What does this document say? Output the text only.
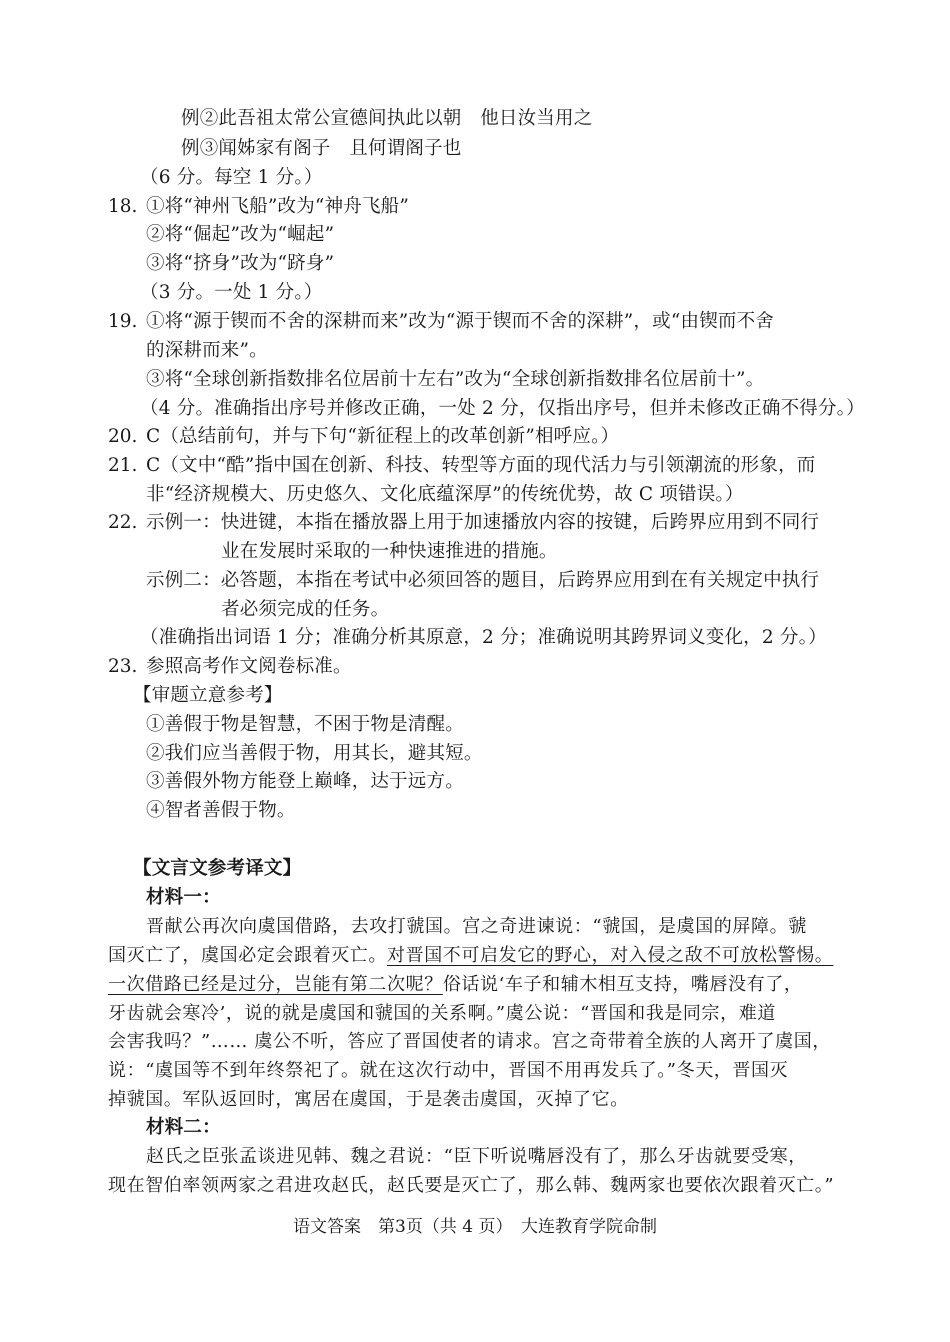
例②此吾祖太常公宣德间执此以朝　他日汝当用之
例③闻姊家有阁子　且何谓阁子也
（6 分。每空 1 分。）
18. ①将“神州飞船”改为“神舟飞船”
②将“倔起”改为“崛起”
③将“挤身”改为“跻身”
（3 分。一处 1 分。）
19. ①将“源于锲而不舍的深耕而来”改为“源于锲而不舍的深耕”，或“由锲而不舍
的深耕而来”。
③将“全球创新指数排名位居前十左右”改为“全球创新指数排名位居前十”。
（4 分。准确指出序号并修改正确，一处 2 分，仅指出序号，但并未修改正确不得分。）
20. C（总结前句，并与下句“新征程上的改革创新”相呼应。）
21. C（文中“酷”指中国在创新、科技、转型等方面的现代活力与引领潮流的形象，而
非“经济规模大、历史悠久、文化底蕴深厚”的传统优势，故 C 项错误。）
22. 示例一：快进键，本指在播放器上用于加速播放内容的按键，后跨界应用到不同行
业在发展时采取的一种快速推进的措施。
示例二：必答题，本指在考试中必须回答的题目，后跨界应用到在有关规定中执行
者必须完成的任务。
（准确指出词语 1 分；准确分析其原意，2 分；准确说明其跨界词义变化，2 分。）
23. 参照高考作文阅卷标准。
【审题立意参考】
①善假于物是智慧，不困于物是清醒。
②我们应当善假于物，用其长，避其短。
③善假外物方能登上巅峰，达于远方。
④智者善假于物。
【文言文参考译文】
材料一：
晋献公再次向虞国借路，去攻打虢国。宫之奇进谏说：“虢国，是虞国的屏障。虢
国灭亡了，虞国必定会跟着灭亡。对晋国不可启发它的野心，对入侵之敌不可放松警惕。
一次借路已经是过分，岂能有第二次呢？俗话说‘车子和辅木相互支持，嘴唇没有了，
牙齿就会寒冷’，说的就是虞国和虢国的关系啊。”虞公说：“晋国和我是同宗，难道
会害我吗？”…… 虞公不听，答应了晋国使者的请求。宫之奇带着全族的人离开了虞国，
说：“虞国等不到年终祭祀了。就在这次行动中，晋国不用再发兵了。”冬天，晋国灭
掉虢国。军队返回时，寓居在虞国，于是袭击虞国，灭掉了它。
材料二：
赵氏之臣张孟谈进见韩、魏之君说：“臣下听说嘴唇没有了，那么牙齿就要受寒，
现在智伯率领两家之君进攻赵氏，赵氏要是灭亡了，那么韩、魏两家也要依次跟着灭亡。”
语文答案　第3页（共 4 页）　大连教育学院命制
